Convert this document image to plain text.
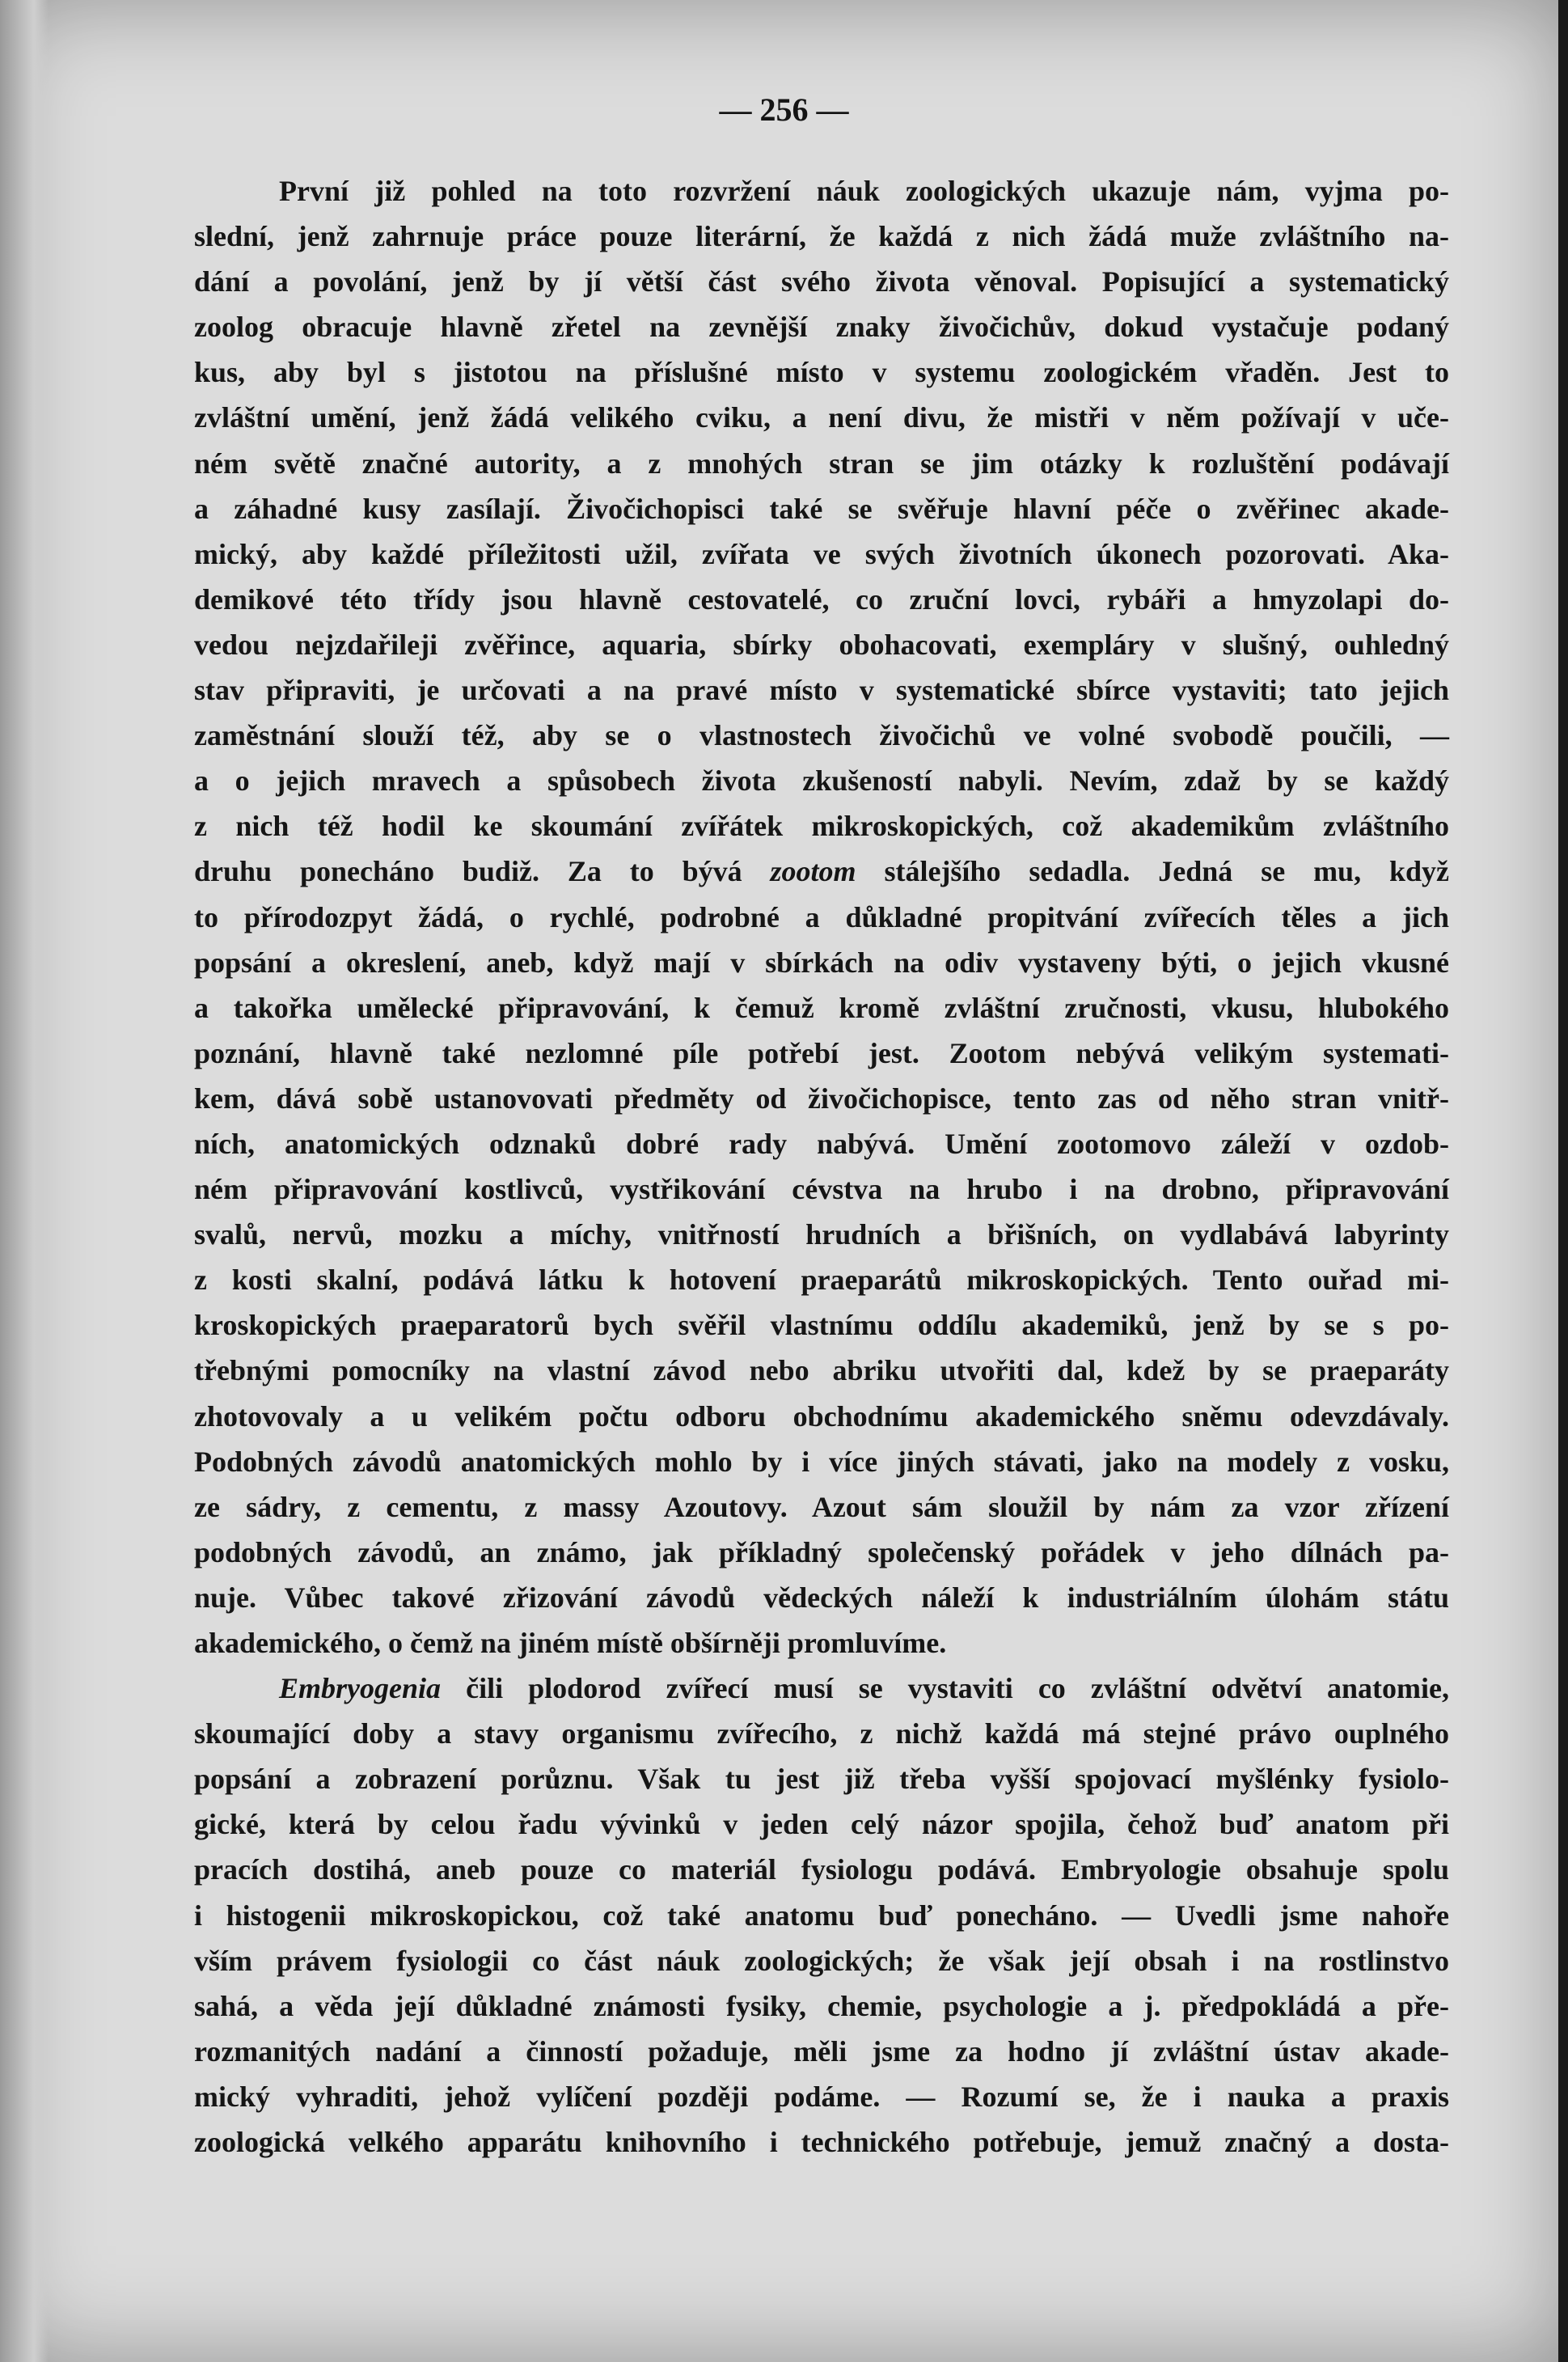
— 256 —
První již pohled na toto rozvržení náuk zoologických ukazuje nám, vyjma po-
slední, jenž zahrnuje práce pouze literární, že každá z nich žádá muže zvláštního na-
dání a povolání, jenž by jí větší část svého života věnoval. Popisující a systematický
zoolog obracuje hlavně zřetel na zevnější znaky živočichův, dokud vystačuje podaný
kus, aby byl s jistotou na příslušné místo v systemu zoologickém vřaděn. Jest to
zvláštní umění, jenž žádá velikého cviku, a není divu, že mistři v něm požívají v uče-
ném světě značné autority, a z mnohých stran se jim otázky k rozluštění podávají
a záhadné kusy zasílají. Živočichopisci také se svěřuje hlavní péče o zvěřinec akade-
mický, aby každé příležitosti užil, zvířata ve svých životních úkonech pozorovati. Aka-
demikové této třídy jsou hlavně cestovatelé, co zruční lovci, rybáři a hmyzolapi do-
vedou nejzdařileji zvěřince, aquaria, sbírky obohacovati, exempláry v slušný, ouhledný
stav připraviti, je určovati a na pravé místo v systematické sbírce vystaviti; tato jejich
zaměstnání slouží též, aby se o vlastnostech živočichů ve volné svobodě poučili, —
a o jejich mravech a spůsobech života zkušeností nabyli. Nevím, zdaž by se každý
z nich též hodil ke skoumání zvířátek mikroskopických, což akademikům zvláštního
druhu ponecháno budiž. Za to bývá zootom stálejšího sedadla. Jedná se mu, když
to přírodozpyt žádá, o rychlé, podrobné a důkladné propitvání zvířecích těles a jich
popsání a okreslení, aneb, když mají v sbírkách na odiv vystaveny býti, o jejich vkusné
a takořka umělecké připravování, k čemuž kromě zvláštní zručnosti, vkusu, hlubokého
poznání, hlavně také nezlomné píle potřebí jest. Zootom nebývá velikým systemati-
kem, dává sobě ustanovovati předměty od živočichopisce, tento zas od něho stran vnitř-
ních, anatomických odznaků dobré rady nabývá. Umění zootomovo záleží v ozdob-
ném připravování kostlivců, vystřikování cévstva na hrubo i na drobno, připravování
svalů, nervů, mozku a míchy, vnitřností hrudních a břišních, on vydlabává labyrinty
z kosti skalní, podává látku k hotovení praeparátů mikroskopických. Tento ouřad mi-
kroskopických praeparatorů bych svěřil vlastnímu oddílu akademiků, jenž by se s po-
třebnými pomocníky na vlastní závod nebo abriku utvořiti dal, kdež by se praeparáty
zhotovovaly a u velikém počtu odboru obchodnímu akademického sněmu odevzdávaly.
Podobných závodů anatomických mohlo by i více jiných stávati, jako na modely z vosku,
ze sádry, z cementu, z massy Azoutovy. Azout sám sloužil by nám za vzor zřízení
podobných závodů, an známo, jak příkladný společenský pořádek v jeho dílnách pa-
nuje. Vůbec takové zřizování závodů vědeckých náleží k industriálním úlohám státu
akademického, o čemž na jiném místě obšírněji promluvíme.
Embryogenia čili plodorod zvířecí musí se vystaviti co zvláštní odvětví anatomie,
skoumající doby a stavy organismu zvířecího, z nichž každá má stejné právo ouplného
popsání a zobrazení porůznu. Však tu jest již třeba vyšší spojovací myšlénky fysiolo-
gické, která by celou řadu vývinků v jeden celý názor spojila, čehož buď anatom při
pracích dostihá, aneb pouze co materiál fysiologu podává. Embryologie obsahuje spolu
i histogenii mikroskopickou, což také anatomu buď ponecháno. — Uvedli jsme nahoře
vším právem fysiologii co část náuk zoologických; že však její obsah i na rostlinstvo
sahá, a věda její důkladné známosti fysiky, chemie, psychologie a j. předpokládá a pře-
rozmanitých nadání a činností požaduje, měli jsme za hodno jí zvláštní ústav akade-
mický vyhraditi, jehož vylíčení později podáme. — Rozumí se, že i nauka a praxis
zoologická velkého apparátu knihovního i technického potřebuje, jemuž značný a dosta-
